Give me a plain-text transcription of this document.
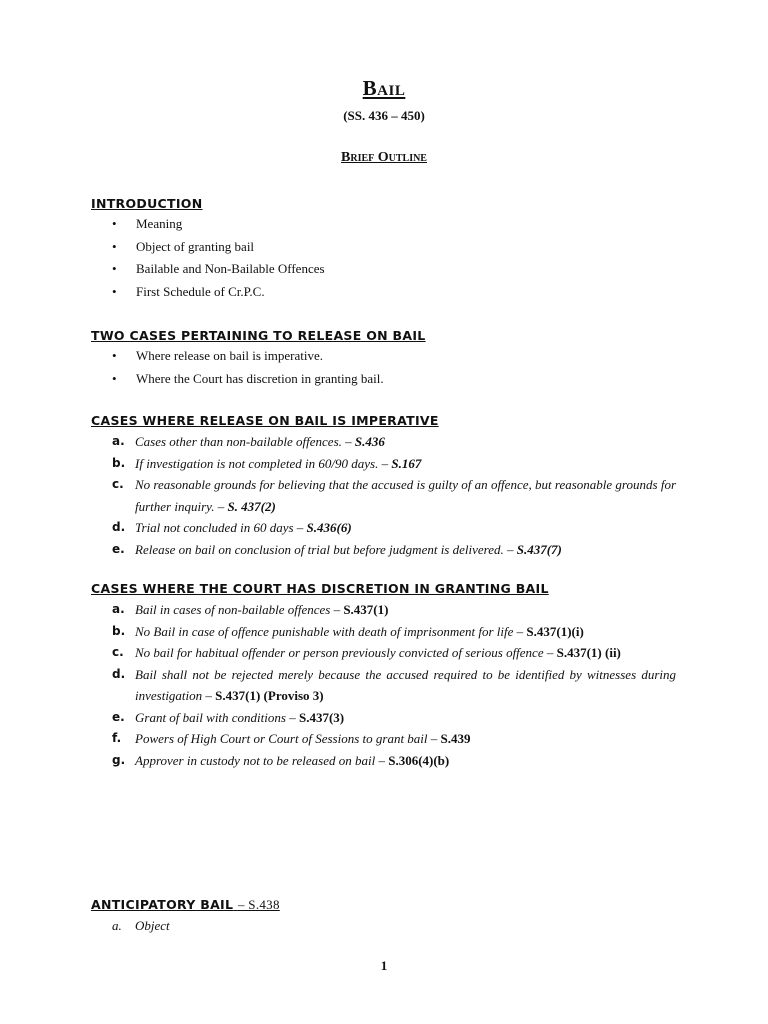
Bail
(SS. 436 – 450)
Brief Outline
INTRODUCTION
• Meaning
• Object of granting bail
• Bailable and Non-Bailable Offences
• First Schedule of Cr.P.C.
TWO CASES PERTAINING TO RELEASE ON BAIL
• Where release on bail is imperative.
• Where the Court has discretion in granting bail.
CASES WHERE RELEASE ON BAIL IS IMPERATIVE
a. Cases other than non-bailable offences. – S.436
b. If investigation is not completed in 60/90 days. – S.167
c. No reasonable grounds for believing that the accused is guilty of an offence, but reasonable grounds for further inquiry. – S. 437(2)
d. Trial not concluded in 60 days – S.436(6)
e. Release on bail on conclusion of trial but before judgment is delivered. – S.437(7)
CASES WHERE THE COURT HAS DISCRETION IN GRANTING BAIL
a. Bail in cases of non-bailable offences – S.437(1)
b. No Bail in case of offence punishable with death of imprisonment for life – S.437(1)(i)
c. No bail for habitual offender or person previously convicted of serious offence – S.437(1) (ii)
d. Bail shall not be rejected merely because the accused required to be identified by witnesses during investigation – S.437(1) (Proviso 3)
e. Grant of bail with conditions – S.437(3)
f. Powers of High Court or Court of Sessions to grant bail – S.439
g. Approver in custody not to be released on bail – S.306(4)(b)
ANTICIPATORY BAIL – S.438
a. Object
1
